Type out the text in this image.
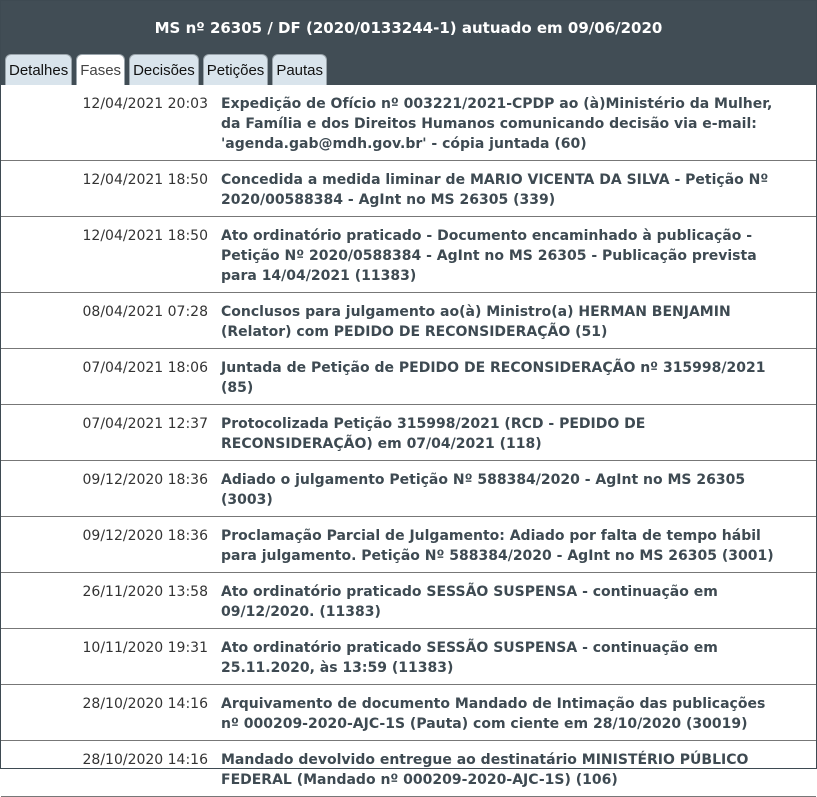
MS nº 26305 / DF (2020/0133244-1) autuado em 09/06/2020
Detalhes Fases Decisões Petições Pautas
12/04/2021 20:03 Expedição de Ofício nº 003221/2021-CPDP ao (à)Ministério da Mulher, da Família e dos Direitos Humanos comunicando decisão via e-mail: 'agenda.gab@mdh.gov.br' - cópia juntada (60)
12/04/2021 18:50 Concedida a medida liminar de MARIO VICENTA DA SILVA - Petição Nº 2020/00588384 - AgInt no MS 26305 (339)
12/04/2021 18:50 Ato ordinatório praticado - Documento encaminhado à publicação - Petição Nº 2020/0588384 - AgInt no MS 26305 - Publicação prevista para 14/04/2021 (11383)
08/04/2021 07:28 Conclusos para julgamento ao(à) Ministro(a) HERMAN BENJAMIN (Relator) com PEDIDO DE RECONSIDERAÇÃO (51)
07/04/2021 18:06 Juntada de Petição de PEDIDO DE RECONSIDERAÇÃO nº 315998/2021 (85)
07/04/2021 12:37 Protocolizada Petição 315998/2021 (RCD - PEDIDO DE RECONSIDERAÇÃO) em 07/04/2021 (118)
09/12/2020 18:36 Adiado o julgamento Petição Nº 588384/2020 - AgInt no MS 26305 (3003)
09/12/2020 18:36 Proclamação Parcial de Julgamento: Adiado por falta de tempo hábil para julgamento. Petição Nº 588384/2020 - AgInt no MS 26305 (3001)
26/11/2020 13:58 Ato ordinatório praticado SESSÃO SUSPENSA - continuação em 09/12/2020. (11383)
10/11/2020 19:31 Ato ordinatório praticado SESSÃO SUSPENSA - continuação em 25.11.2020, às 13:59 (11383)
28/10/2020 14:16 Arquivamento de documento Mandado de Intimação das publicações nº 000209-2020-AJC-1S (Pauta) com ciente em 28/10/2020 (30019)
28/10/2020 14:16 Mandado devolvido entregue ao destinatário MINISTÉRIO PÚBLICO FEDERAL (Mandado nº 000209-2020-AJC-1S) (106)
